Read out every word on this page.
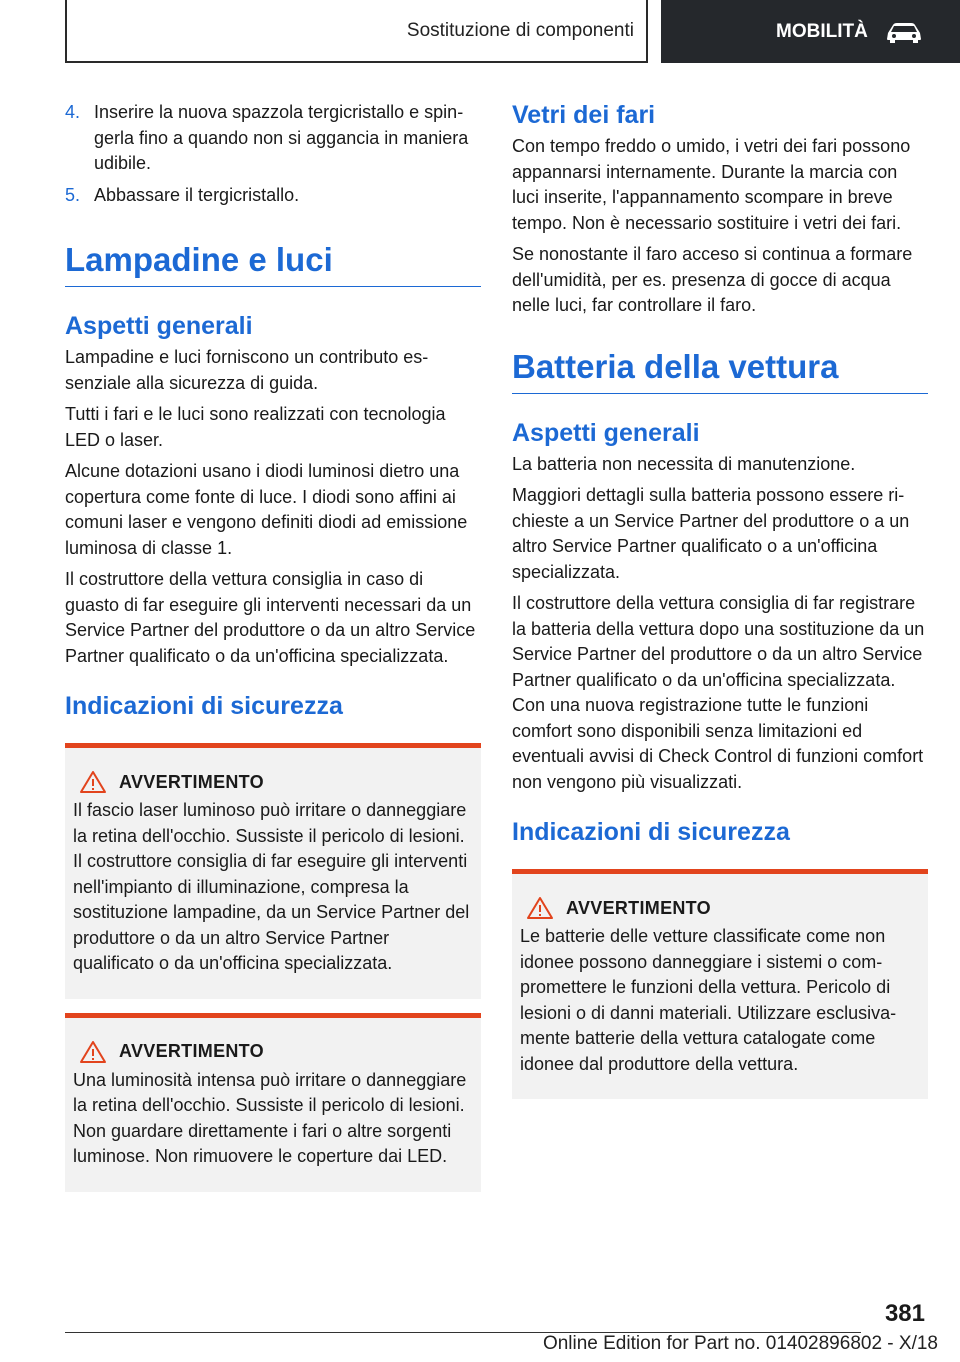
Sostituzione di componenti	MOBILITÀ
4. Inserire la nuova spazzola tergicristallo e spingerla fino a quando non si aggancia in maniera udibile.
5. Abbassare il tergicristallo.
Lampadine e luci
Aspetti generali

Lampadine e luci forniscono un contributo essenziale alla sicurezza di guida.

Tutti i fari e le luci sono realizzati con tecnologia LED o laser.

Alcune dotazioni usano i diodi luminosi dietro una copertura come fonte di luce. I diodi sono affini ai comuni laser e vengono definiti diodi ad emissione luminosa di classe 1.

Il costruttore della vettura consiglia in caso di guasto di far eseguire gli interventi necessari da un Service Partner del produttore o da un altro Service Partner qualificato o da un'officina specializzata.

Indicazioni di sicurezza
AVVERTIMENTO

Il fascio laser luminoso può irritare o danneggiare la retina dell'occhio. Sussiste il pericolo di lesioni. Il costruttore consiglia di far eseguire gli interventi nell'impianto di illuminazione, compresa la sostituzione lampadine, da un Service Partner del produttore o da un altro Service Partner qualificato o da un'officina specializzata.

AVVERTIMENTO

Una luminosità intensa può irritare o danneggiare la retina dell'occhio. Sussiste il pericolo di lesioni. Non guardare direttamente i fari o altre sorgenti luminose. Non rimuovere le coperture dai LED.

Vetri dei fari

Con tempo freddo o umido, i vetri dei fari possono appannarsi internamente. Durante la marcia con luci inserite, l'appannamento scompare in breve tempo. Non è necessario sostituire i vetri dei fari.

Se nonostante il faro acceso si continua a formare dell'umidità, per es. presenza di gocce di acqua nelle luci, far controllare il faro.

Batteria della vettura
Aspetti generali

La batteria non necessita di manutenzione.

Maggiori dettagli sulla batteria possono essere richieste a un Service Partner del produttore o a un altro Service Partner qualificato o a un'officina specializzata.

Il costruttore della vettura consiglia di far registrare la batteria della vettura dopo una sostituzione da un Service Partner del produttore o da un altro Service Partner qualificato o da un'officina specializzata. Con una nuova registrazione tutte le funzioni comfort sono disponibili senza limitazioni ed eventuali avvisi di Check Control di funzioni comfort non vengono più visualizzati.

Indicazioni di sicurezza
AVVERTIMENTO

Le batterie delle vetture classificate come non idonee possono danneggiare i sistemi o compromettere le funzioni della vettura. Pericolo di lesioni o di danni materiali. Utilizzare esclusivamente batterie della vettura catalogate come idonee dal produttore della vettura.

381
Online Edition for Part no. 01402896802 - X/18
